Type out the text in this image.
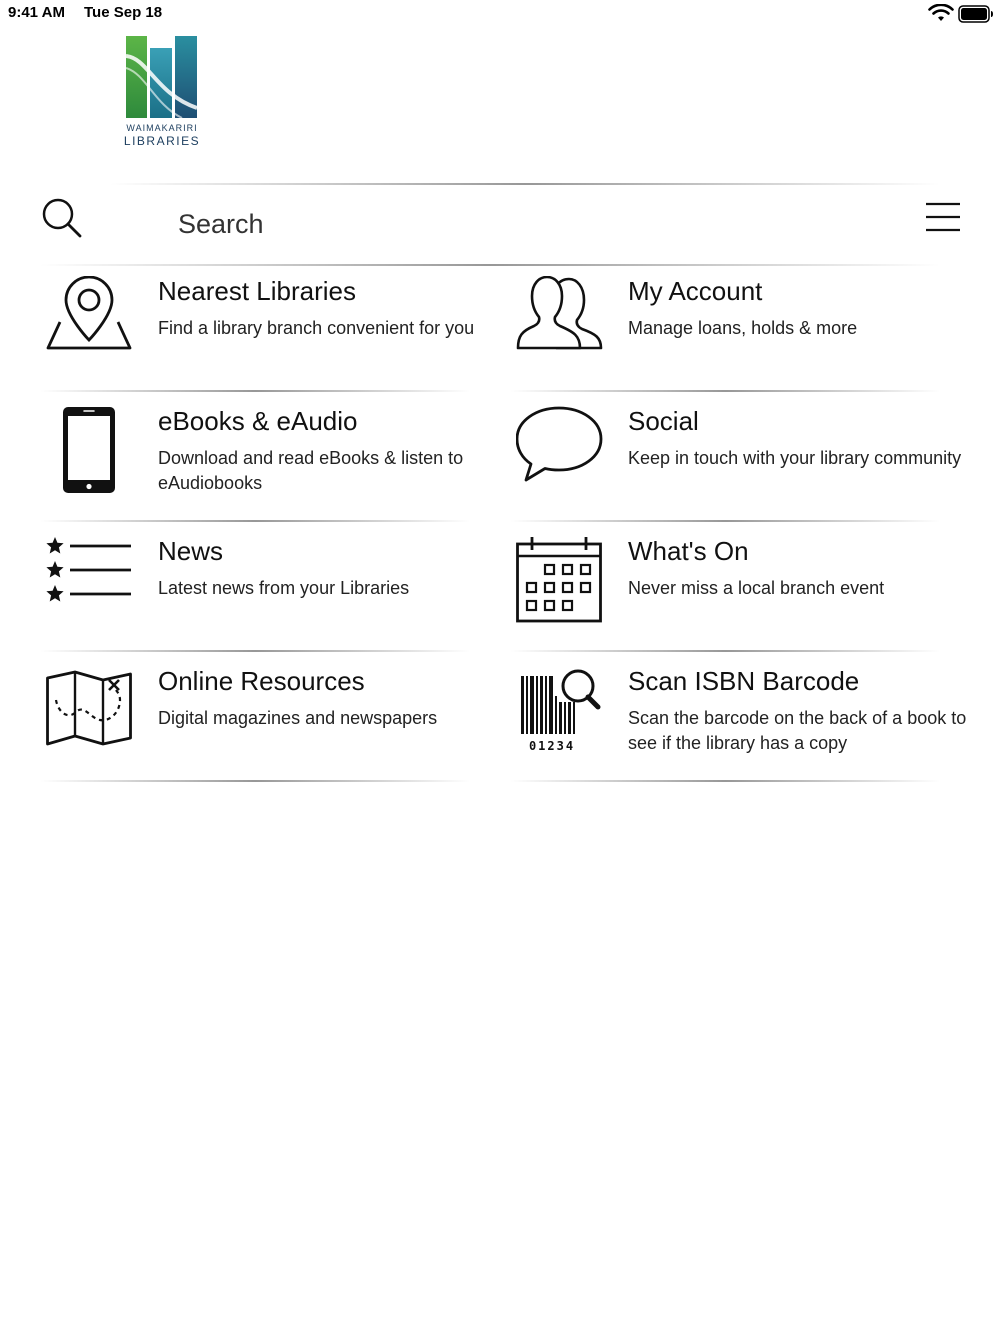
9:41 AM Tue Sep 18
WAIMAKARIRI
LIBRARIES
Search
Nearest Libraries
Find a library branch convenient for you
My Account
Manage loans, holds & more
eBooks & eAudio
Download and read eBooks & listen to eAudiobooks
Social
Keep in touch with your library community
News
Latest news from your Libraries
What's On
Never miss a local branch event
Online Resources
Digital magazines and newspapers
01234
Scan ISBN Barcode
Scan the barcode on the back of a book to see if the library has a copy
